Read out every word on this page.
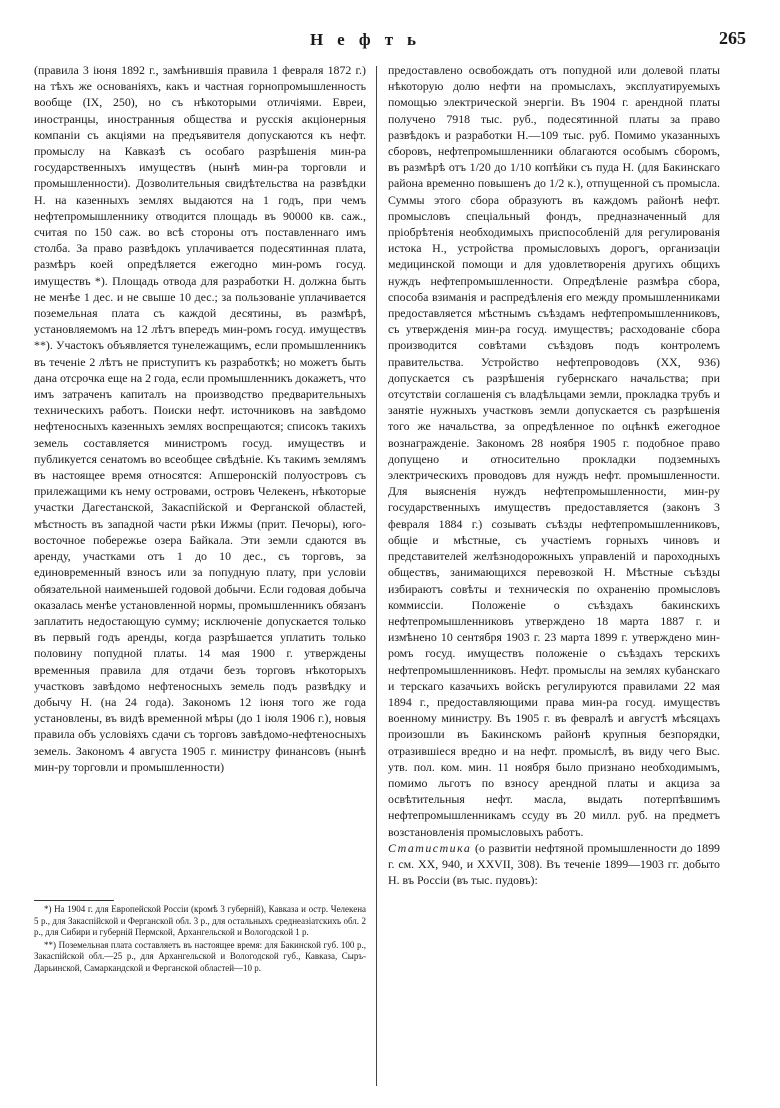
Нефть	265

(правила 3 іюня 1892 г., замѣнившія правила 1 февраля 1872 г.) на тѣхъ же основаніяхъ, какъ и частная горнопромышленность вообще (IX, 250), но съ нѣкоторыми отличіями. Евреи, иностранцы, иностранныя общества и русскія акціонерныя компаніи съ акціями на предъявителя допускаются къ нефт. промыслу на Кавказѣ съ особаго разрѣшенія мин-ра государственныхъ имуществъ (нынѣ мин-ра торговли и промышленности). Дозволительныя свидѣтельства на развѣдки Н. на казенныхъ землях выдаются на 1 годъ, при чемъ нефтепромышленнику отводится площадь въ 90000 кв. саж., считая по 150 саж. во всѣ стороны отъ поставленнаго имъ столба. За право развѣдокъ уплачивается подесятинная плата, размѣръ коей опредѣляется ежегодно мин-ромъ госуд. имуществъ *). Площадь отвода для разработки Н. должна быть не менѣе 1 дес. и не свыше 10 дес.; за пользованіе уплачивается поземельная плата съ каждой десятины, въ размѣрѣ, установляемомъ на 12 лѣтъ впередъ мин-ромъ госуд. имуществъ **). Участокъ объявляется тунележащимъ, если промышленникъ въ теченіе 2 лѣтъ не приступитъ къ разработкѣ; но можетъ быть дана отсрочка еще на 2 года, если промышленникъ докажетъ, что имъ затраченъ капиталъ на производство предварительныхъ техническихъ работъ. Поиски нефт. источниковъ на завѣдомо нефтеносныхъ казенныхъ землях воспрещаются; списокъ такихъ земель составляется министромъ госуд. имуществъ и публикуется сенатомъ во всеобщее свѣдѣніе. Къ такимъ землямъ въ настоящее время относятся: Апшеронскій полуостровъ съ прилежащими къ нему островами, островъ Челекенъ, нѣкоторые участки Дагестанской, Закаспійской и Ферганской областей, мѣстность въ западной части рѣки Ижмы (прит. Печоры), юго-восточное побережье озера Байкала. Эти земли сдаются въ аренду, участками отъ 1 до 10 дес., съ торговъ, за единовременный взносъ или за попудную плату, при условіи обязательной наименьшей годовой добычи. Если годовая добыча оказалась менѣе установленной нормы, промышленникъ обязанъ заплатить недостающую сумму; исключеніе допускается только въ первый годъ аренды, когда разрѣшается уплатить только половину попудной платы. 14 мая 1900 г. утверждены временныя правила для отдачи безъ торговъ нѣкоторыхъ участковъ завѣдомо нефтеносныхъ земель подъ развѣдку и добычу Н. (на 24 года). Закономъ 12 іюня того же года установлены, въ видѣ временной мѣры (до 1 іюля 1906 г.), новыя правила объ условіяхъ сдачи съ торговъ завѣдомо-нефтеносныхъ земель. Закономъ 4 августа 1905 г. министру финансовъ (нынѣ мин-ру торговли и промышленности)

*) На 1904 г. для Европейской Россіи (кромѣ 3 губерній), Кавказа и остр. Челекена 5 р., для Закаспійской и Ферганской обл. 3 р., для остальныхъ среднеазіатскихъ обл. 2 р., для Сибири и губерній Пермской, Архангельской и Вологодской 1 р.

**) Поземельная плата составляетъ въ настоящее время: для Бакинской губ. 100 р., Закаспійской обл.—25 р., для Архангельской и Вологодской губ., Кавказа, Сыръ-Дарьинской, Самаркандской и Ферганской областей—10 р.

предоставлено освобождать отъ попудной или долевой платы нѣкоторую долю нефти на промыслахъ, эксплуатируемыхъ помощью электрической энергіи. Въ 1904 г. арендной платы получено 7918 тыс. руб., подесятинной платы за право развѣдокъ и разработки Н.—109 тыс. руб. Помимо указанныхъ сборовъ, нефтепромышленники облагаются особымъ сборомъ, въ размѣрѣ отъ 1/20 до 1/10 копѣйки съ пуда Н. (для Бакинскаго района временно повышенъ до 1/2 к.), отпущенной съ промысла. Суммы этого сбора образуютъ въ каждомъ районѣ нефт. промысловъ спеціальный фондъ, предназначенный для пріобрѣтенія необходимыхъ приспособленій для регулированія истока Н., устройства промысловыхъ дорогъ, организаціи медицинской помощи и для удовлетворенія другихъ общихъ нуждъ нефтепромышленности. Опредѣленіе размѣра сбора, способа взиманія и распредѣленія его между промышленниками предоставляется мѣстнымъ съѣздамъ нефтепромышленниковъ, съ утвержденія мин-ра госуд. имуществъ; расходованіе сбора производится совѣтами съѣздовъ подъ контролемъ правительства. Устройство нефтепроводовъ (XX, 936) допускается съ разрѣшенія губернскаго начальства; при отсутствіи соглашенія съ владѣльцами земли, прокладка трубъ и занятіе нужныхъ участковъ земли допускается съ разрѣшенія того же начальства, за опредѣленное по оцѣнкѣ ежегодное вознагражденіе. Закономъ 28 ноября 1905 г. подобное право допущено и относительно прокладки подземныхъ электрическихъ проводовъ для нуждъ нефт. промышленности. Для выясненія нуждъ нефтепромышленности, мин-ру государственныхъ имуществъ предоставляется (законъ 3 февраля 1884 г.) созывать съѣзды нефтепромышленниковъ, общіе и мѣстные, съ участіемъ горныхъ чиновъ и представителей желѣзнодорожныхъ управленій и пароходныхъ обществъ, занимающихся перевозкой Н. Мѣстные съѣзды избираютъ совѣты и техническія по охраненію промысловъ коммиссіи. Положеніе о съѣздахъ бакинскихъ нефтепромышленниковъ утверждено 18 марта 1887 г. и измѣнено 10 сентября 1903 г. 23 марта 1899 г. утверждено мин-ромъ госуд. имуществъ положеніе о съѣздахъ терскихъ нефтепромышленниковъ. Нефт. промыслы на землях кубанскаго и терскаго казачьихъ войскъ регулируются правилами 22 мая 1894 г., предоставляющими права мин-ра госуд. имуществъ военному министру. Въ 1905 г. въ февралѣ и августѣ мѣсяцахъ произошли въ Бакинскомъ районѣ крупныя безпорядки, отразившіеся вредно и на нефт. промыслѣ, въ виду чего Выс. утв. пол. ком. мин. 11 ноября было признано необходимымъ, помимо льготъ по взносу арендной платы и акциза за освѣтительныя нефт. масла, выдать потерпѣвшимъ нефтепромышленникамъ ссуду въ 20 милл. руб. на предметъ возстановленія промысловыхъ работъ.

Статистика (о развитіи нефтяной промышленности до 1899 г. см. XX, 940, и XXVII, 308). Въ теченіе 1899—1903 гг. добыто Н. въ Россіи (въ тыс. пудовъ):
